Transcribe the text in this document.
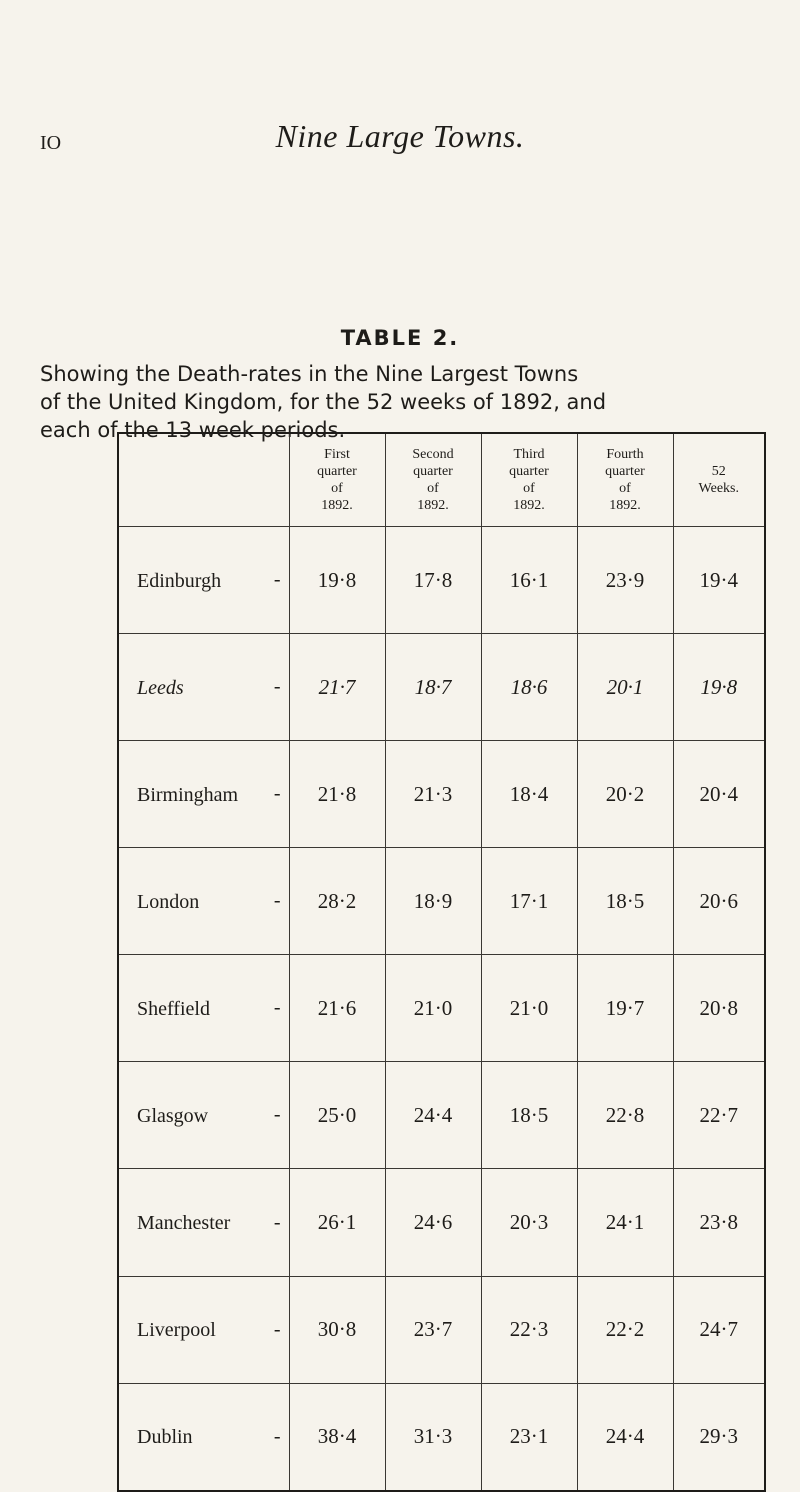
IO	Nine Large Towns.
TABLE 2.
Showing the Death-rates in the Nine Largest Towns
of the United Kingdom, for the 52 weeks of 1892, and
each of the 13 week periods.
	First
quarter
of
1892.	Second
quarter
of
1892.	Third
quarter
of
1892.	Fourth
quarter
of
1892.	52
Weeks.
Edinburgh -	19·8	17·8	16·1	23·9	19·4
Leeds -	21·7	18·7	18·6	20·1	19·8
Birmingham -	21·8	21·3	18·4	20·2	20·4
London -	28·2	18·9	17·1	18·5	20·6
Sheffield -	21·6	21·0	21·0	19·7	20·8
Glasgow -	25·0	24·4	18·5	22·8	22·7
Manchester -	26·1	24·6	20·3	24·1	23·8
Liverpool -	30·8	23·7	22·3	22·2	24·7
Dublin -	38·4	31·3	23·1	24·4	29·3
